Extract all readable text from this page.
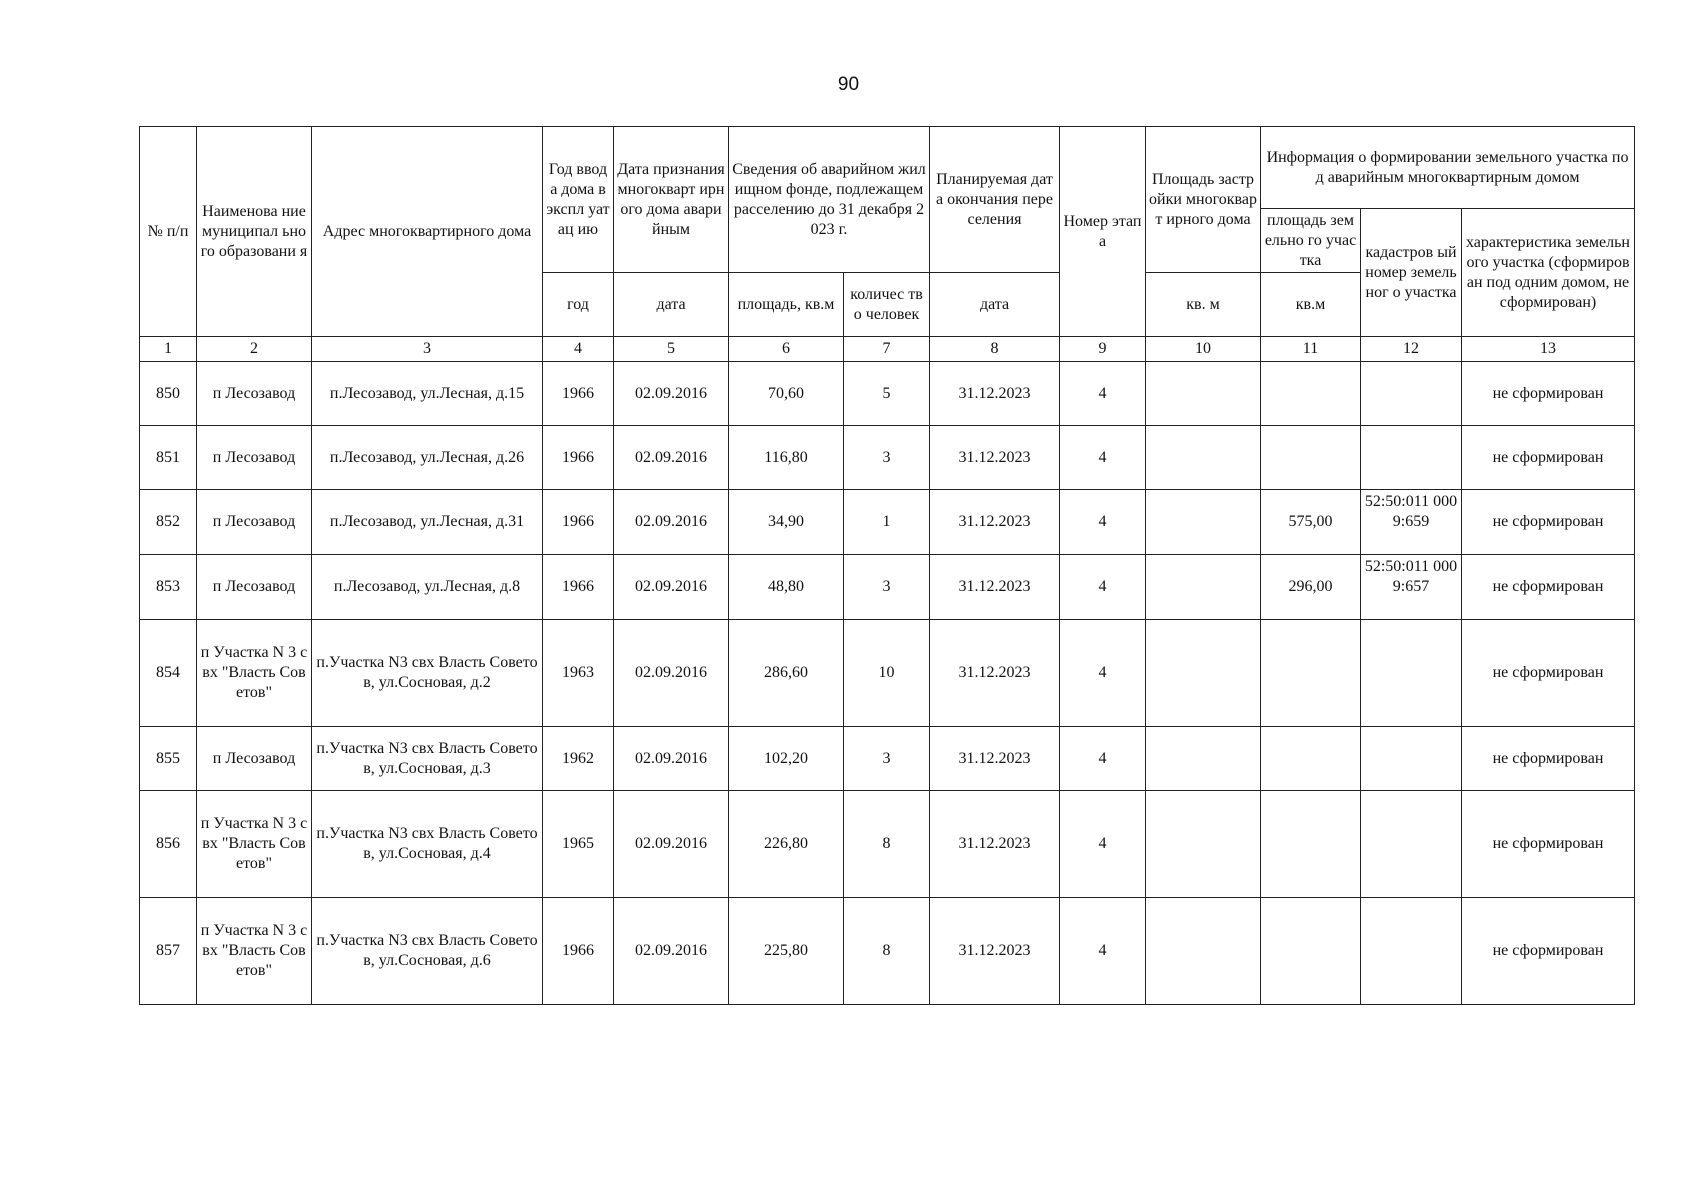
90
№ п/п	Наименова ние муниципал ьного образовани я	Адрес многоквартирного дома	Год ввода дома в экспл уатац ию	Дата признания многокварт ирного дома аварийным	Сведения об аварийном жилищном фонде, подлежащем расселению до 31 декабря 2023 г.		Планируемая дата окончания переселения	Номер этапа	Площадь застройки многокварт ирного дома	Информация о формировании земельного участка под аварийным многоквартирным домом		
										площадь земельно го участка	кадастров ый номер земельног о участка	характеристика земельного участка (сформирован под одним домом, не сформирован)
			год	дата	площадь, кв.м	количес тво человек	дата		кв. м	кв.м		
1	2	3	4	5	6	7	8	9	10	11	12	13
850	п Лесозавод	п.Лесозавод, ул.Лесная, д.15	1966	02.09.2016	70,60	5	31.12.2023	4				не сформирован
851	п Лесозавод	п.Лесозавод, ул.Лесная, д.26	1966	02.09.2016	116,80	3	31.12.2023	4				не сформирован
852	п Лесозавод	п.Лесозавод, ул.Лесная, д.31	1966	02.09.2016	34,90	1	31.12.2023	4		575,00	52:50:011 0009:659	не сформирован
853	п Лесозавод	п.Лесозавод, ул.Лесная, д.8	1966	02.09.2016	48,80	3	31.12.2023	4		296,00	52:50:011 0009:657	не сформирован
854	п Участка N 3 свх "Власть Советов"	п.Участка N3 свх Власть Советов, ул.Сосновая, д.2	1963	02.09.2016	286,60	10	31.12.2023	4				не сформирован
855	п Лесозавод	п.Участка N3 свх Власть Советов, ул.Сосновая, д.3	1962	02.09.2016	102,20	3	31.12.2023	4				не сформирован
856	п Участка N 3 свх "Власть Советов"	п.Участка N3 свх Власть Советов, ул.Сосновая, д.4	1965	02.09.2016	226,80	8	31.12.2023	4				не сформирован
857	п Участка N 3 свх "Власть Советов"	п.Участка N3 свх Власть Советов, ул.Сосновая, д.6	1966	02.09.2016	225,80	8	31.12.2023	4				не сформирован
